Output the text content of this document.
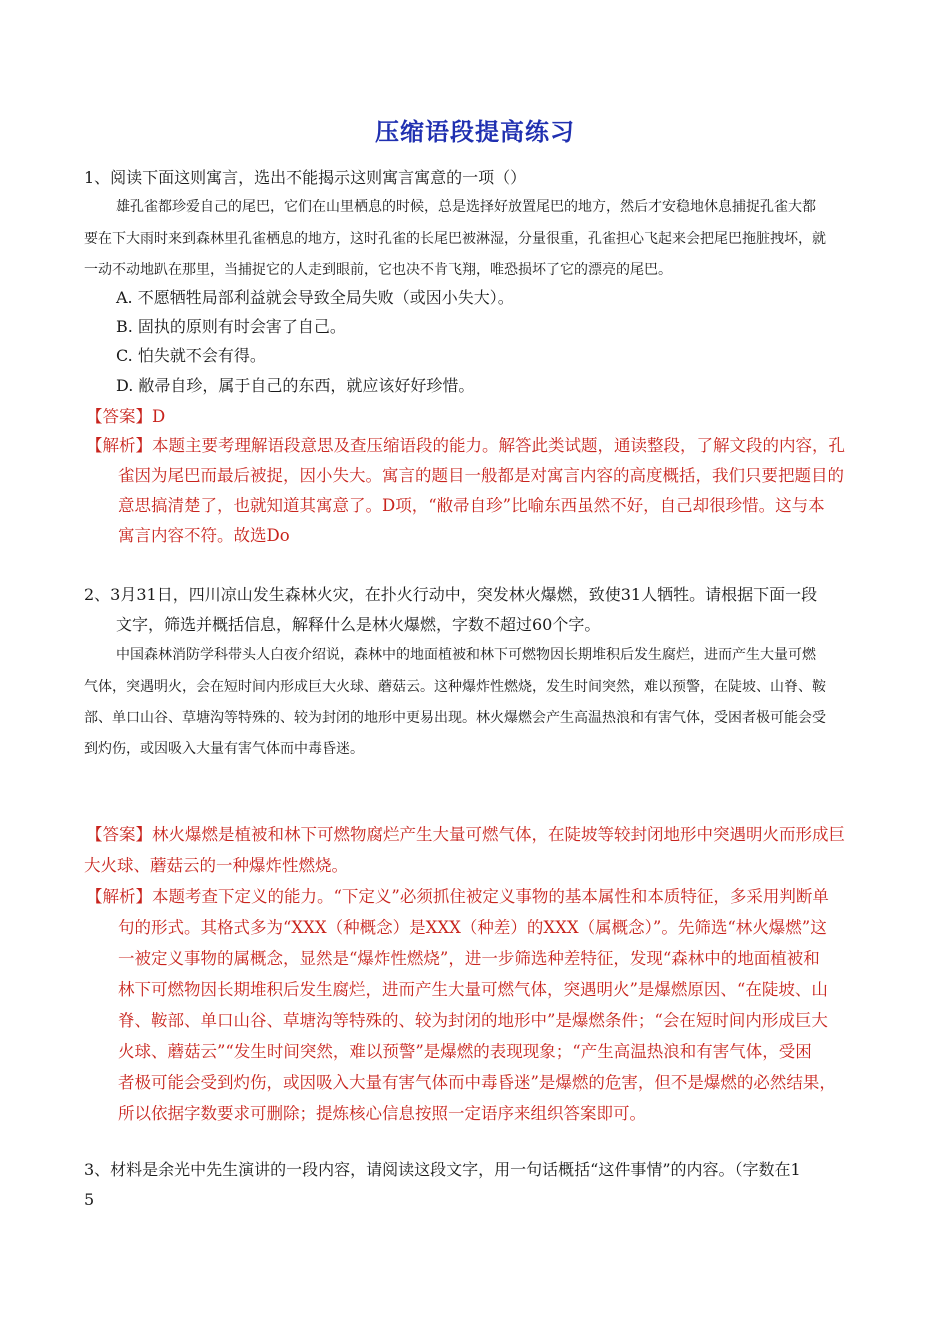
压缩语段提高练习
1、阅读下面这则寓言，选出不能揭示这则寓言寓意的一项（）
雄孔雀都珍爱自己的尾巴，它们在山里栖息的时候，总是选择好放置尾巴的地方，然后才安稳地休息捕捉孔雀大都
要在下大雨时来到森林里孔雀栖息的地方，这时孔雀的长尾巴被淋湿，分量很重，孔雀担心飞起来会把尾巴拖脏拽坏，就
一动不动地趴在那里，当捕捉它的人走到眼前，它也决不肯飞翔，唯恐损坏了它的漂亮的尾巴。
A. 不愿牺牲局部利益就会导致全局失败（或因小失大）。
B. 固执的原则有时会害了自己。
C. 怕失就不会有得。
D. 敝帚自珍，属于自己的东西，就应该好好珍惜。
【答案】D
【解析】本题主要考理解语段意思及查压缩语段的能力。解答此类试题，通读整段，了解文段的内容，孔
雀因为尾巴而最后被捉，因小失大。寓言的题目一般都是对寓言内容的高度概括，我们只要把题目的
意思搞清楚了，也就知道其寓意了。D项，“敝帚自珍”比喻东西虽然不好，自己却很珍惜。这与本
寓言内容不符。故选Do
2、3月31日，四川凉山发生森林火灾，在扑火行动中，突发林火爆燃，致使31人牺牲。请根据下面一段
文字，筛选并概括信息，解释什么是林火爆燃，字数不超过60个字。
中国森林消防学科带头人白夜介绍说，森林中的地面植被和林下可燃物因长期堆积后发生腐烂，进而产生大量可燃
气体，突遇明火，会在短时间内形成巨大火球、蘑菇云。这种爆炸性燃烧，发生时间突然，难以预警，在陡坡、山脊、鞍
部、单口山谷、草塘沟等特殊的、较为封闭的地形中更易出现。林火爆燃会产生高温热浪和有害气体，受困者极可能会受
到灼伤，或因吸入大量有害气体而中毒昏迷。
【答案】林火爆燃是植被和林下可燃物腐烂产生大量可燃气体，在陡坡等较封闭地形中突遇明火而形成巨
大火球、蘑菇云的一种爆炸性燃烧。
【解析】本题考查下定义的能力。“下定义”必须抓住被定义事物的基本属性和本质特征，多采用判断单
句的形式。其格式多为“XXX（种概念）是XXX（种差）的XXX（属概念）”。先筛选“林火爆燃”这
一被定义事物的属概念，显然是“爆炸性燃烧”，进一步筛选种差特征，发现“森林中的地面植被和
林下可燃物因长期堆积后发生腐烂，进而产生大量可燃气体，突遇明火”是爆燃原因、“在陡坡、山
脊、鞍部、单口山谷、草塘沟等特殊的、较为封闭的地形中”是爆燃条件；“会在短时间内形成巨大
火球、蘑菇云”“发生时间突然，难以预警”是爆燃的表现现象；“产生高温热浪和有害气体，受困
者极可能会受到灼伤，或因吸入大量有害气体而中毒昏迷”是爆燃的危害，但不是爆燃的必然结果，
所以依据字数要求可删除；提炼核心信息按照一定语序来组织答案即可。
3、材料是余光中先生演讲的一段内容，请阅读这段文字，用一句话概括“这件事情”的内容。（字数在1
5
